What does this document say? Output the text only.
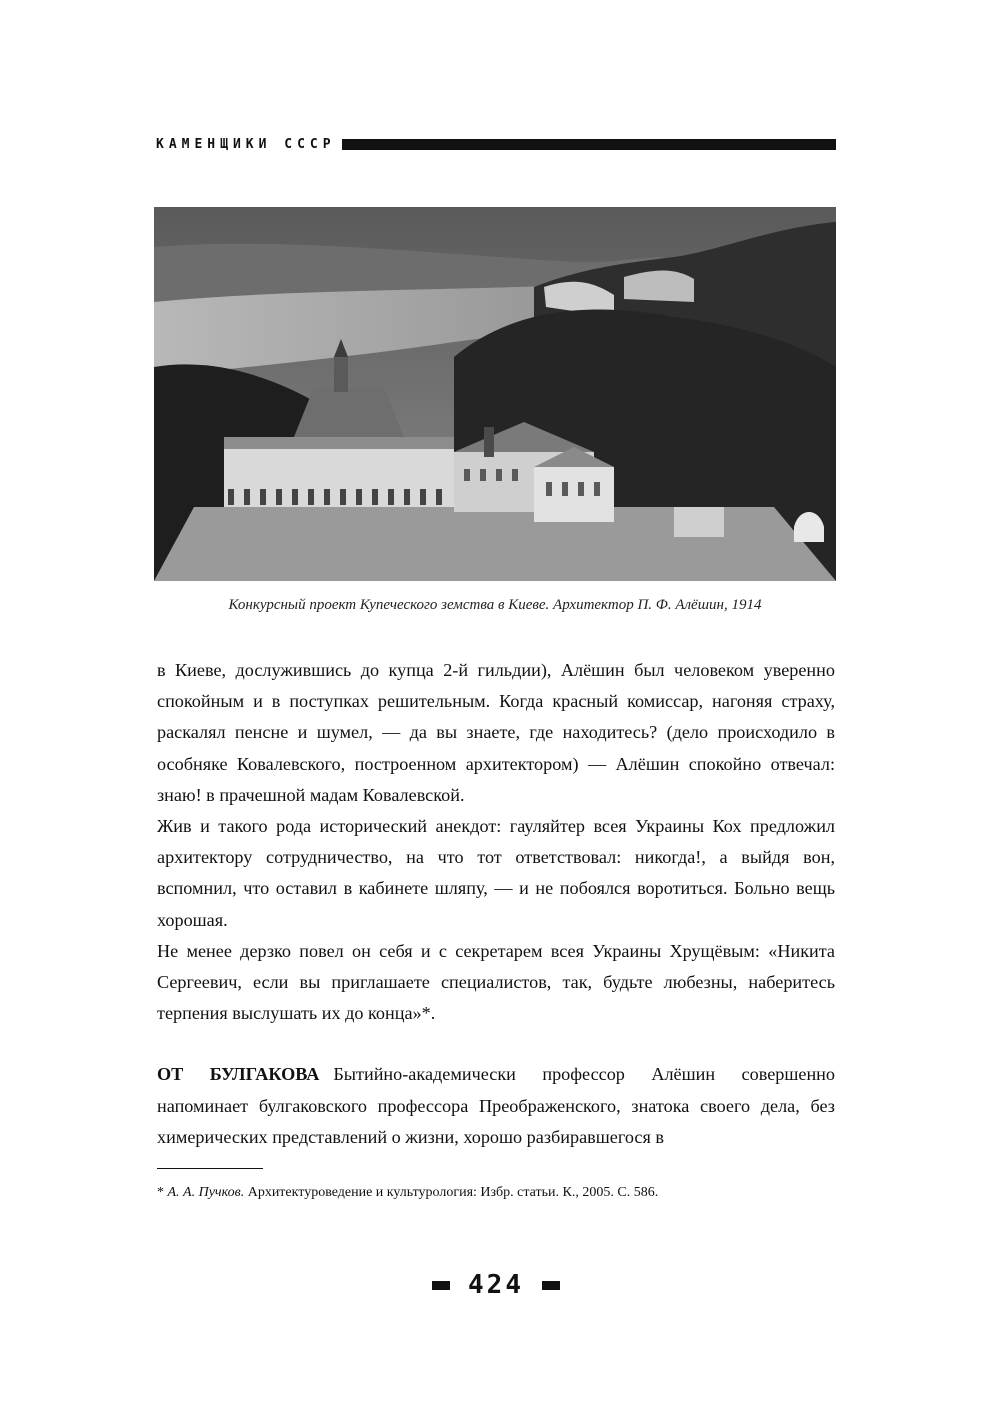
КАМЕНЩИКИ СССР
Конкурсный проект Купеческого земства в Киеве. Архитектор П. Ф. Алёшин, 1914

в Киеве, дослужившись до купца 2-й гильдии), Алёшин был человеком уверенно спокойным и в поступках решительным. Когда красный комиссар, нагоняя страху, раскалял пенсне и шумел, — да вы знаете, где находитесь? (дело происходило в особняке Ковалевского, построенном архитектором) — Алёшин спокойно отвечал: знаю! в прачешной мадам Ковалевской.

Жив и такого рода исторический анекдот: гауляйтер всея Украины Кох предложил архитектору сотрудничество, на что тот ответствовал: никогда!, а выйдя вон, вспомнил, что оставил в кабинете шляпу, — и не побоялся воротиться. Больно вещь хорошая.

Не менее дерзко повел он себя и с секретарем всея Украины Хрущёвым: «Никита Сергеевич, если вы приглашаете специалистов, так, будьте любезны, наберитесь терпения выслушать их до конца»*.

ОТ БУЛГАКОВА Бытийно-академически профессор Алёшин совершенно напоминает булгаковского профессора Преображенского, знатока своего дела, без химерических представлений о жизни, хорошо разбиравшегося в

* А. А. Пучков. Архитектуроведение и культурология: Избр. статьи. К., 2005. С. 586.
424
